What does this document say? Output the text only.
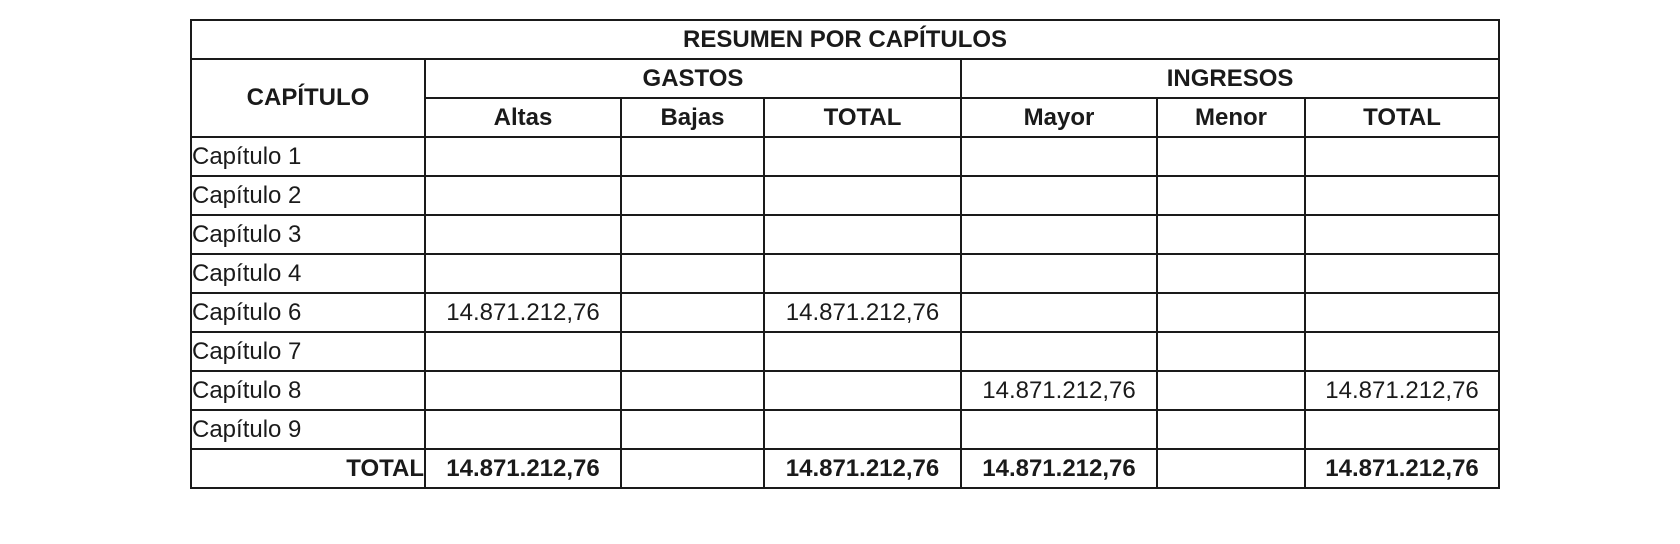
RESUMEN POR CAPÍTULOS						
CAPÍTULO	GASTOS			INGRESOS		
	Altas	Bajas	TOTAL	Mayor	Menor	TOTAL
Capítulo 1						
Capítulo 2						
Capítulo 3						
Capítulo 4						
Capítulo 6	14.871.212,76		14.871.212,76			
Capítulo 7						
Capítulo 8				14.871.212,76		14.871.212,76
Capítulo 9						
TOTAL	14.871.212,76		14.871.212,76	14.871.212,76		14.871.212,76
